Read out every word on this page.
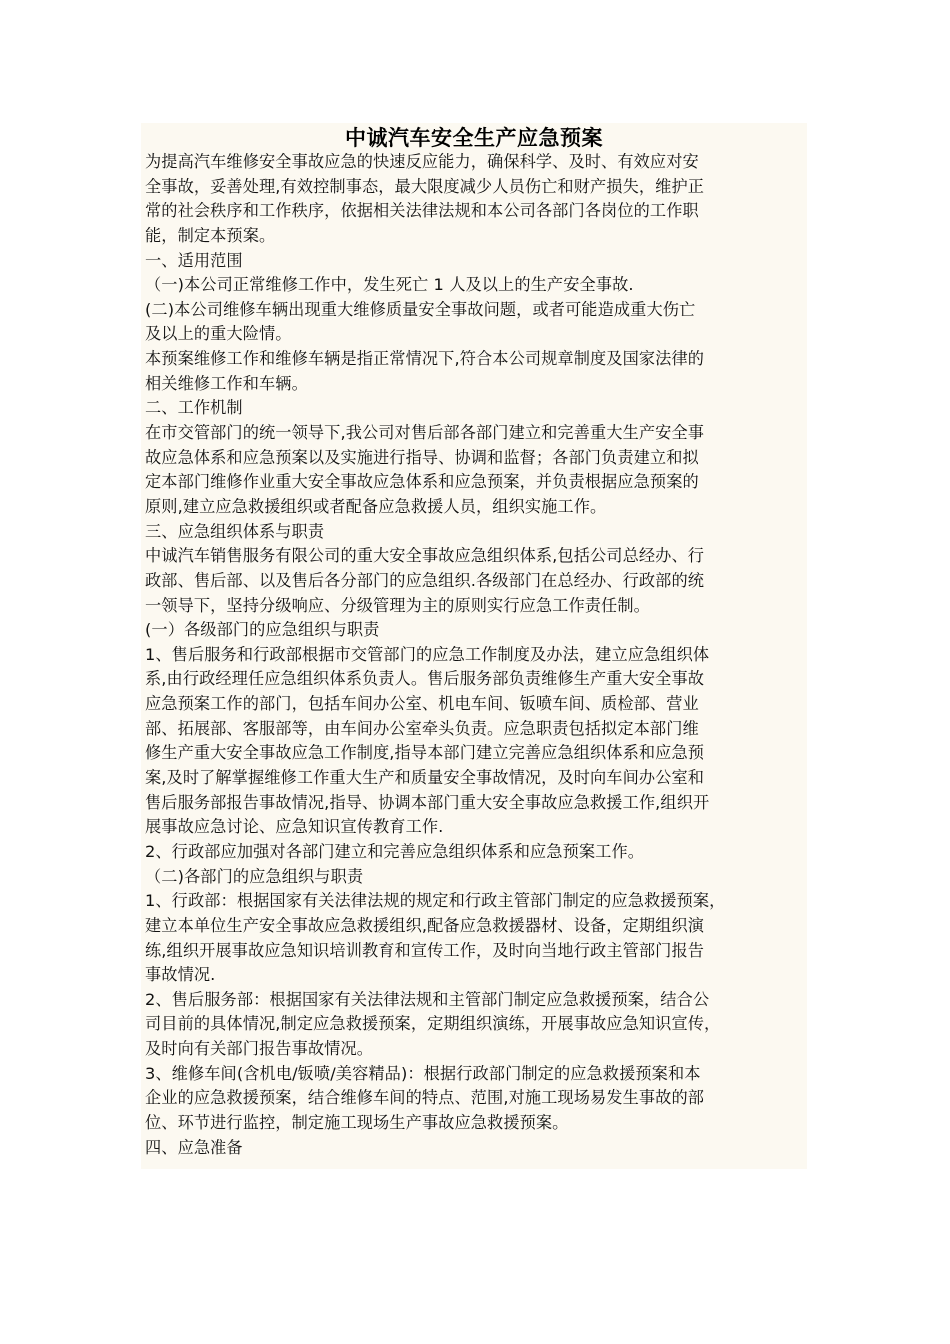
中诚汽车安全生产应急预案
为提高汽车维修安全事故应急的快速反应能力，确保科学、及时、有效应对安
全事故，妥善处理,有效控制事态，最大限度减少人员伤亡和财产损失，维护正
常的社会秩序和工作秩序，依据相关法律法规和本公司各部门各岗位的工作职
能，制定本预案。
一、适用范围
（一)本公司正常维修工作中，发生死亡 1 人及以上的生产安全事故.
(二)本公司维修车辆出现重大维修质量安全事故问题，或者可能造成重大伤亡
及以上的重大险情。
本预案维修工作和维修车辆是指正常情况下,符合本公司规章制度及国家法律的
相关维修工作和车辆。
二、工作机制
在市交管部门的统一领导下,我公司对售后部各部门建立和完善重大生产安全事
故应急体系和应急预案以及实施进行指导、协调和监督；各部门负责建立和拟
定本部门维修作业重大安全事故应急体系和应急预案，并负责根据应急预案的
原则,建立应急救援组织或者配备应急救援人员，组织实施工作。
三、应急组织体系与职责
中诚汽车销售服务有限公司的重大安全事故应急组织体系,包括公司总经办、行
政部、售后部、以及售后各分部门的应急组织.各级部门在总经办、行政部的统
一领导下，坚持分级响应、分级管理为主的原则实行应急工作责任制。
(一）各级部门的应急组织与职责
1、售后服务和行政部根据市交管部门的应急工作制度及办法，建立应急组织体
系,由行政经理任应急组织体系负责人。售后服务部负责维修生产重大安全事故
应急预案工作的部门，包括车间办公室、机电车间、钣喷车间、质检部、营业
部、拓展部、客服部等，由车间办公室牵头负责。应急职责包括拟定本部门维
修生产重大安全事故应急工作制度,指导本部门建立完善应急组织体系和应急预
案,及时了解掌握维修工作重大生产和质量安全事故情况，及时向车间办公室和
售后服务部报告事故情况,指导、协调本部门重大安全事故应急救援工作,组织开
展事故应急讨论、应急知识宣传教育工作.
2、行政部应加强对各部门建立和完善应急组织体系和应急预案工作。
（二)各部门的应急组织与职责
1、行政部：根据国家有关法律法规的规定和行政主管部门制定的应急救援预案，
建立本单位生产安全事故应急救援组织,配备应急救援器材、设备，定期组织演
练,组织开展事故应急知识培训教育和宣传工作，及时向当地行政主管部门报告
事故情况.
2、售后服务部：根据国家有关法律法规和主管部门制定应急救援预案，结合公
司目前的具体情况,制定应急救援预案，定期组织演练，开展事故应急知识宣传，
及时向有关部门报告事故情况。
3、维修车间(含机电/钣喷/美容精品)：根据行政部门制定的应急救援预案和本
企业的应急救援预案，结合维修车间的特点、范围,对施工现场易发生事故的部
位、环节进行监控，制定施工现场生产事故应急救援预案。
四、应急准备
